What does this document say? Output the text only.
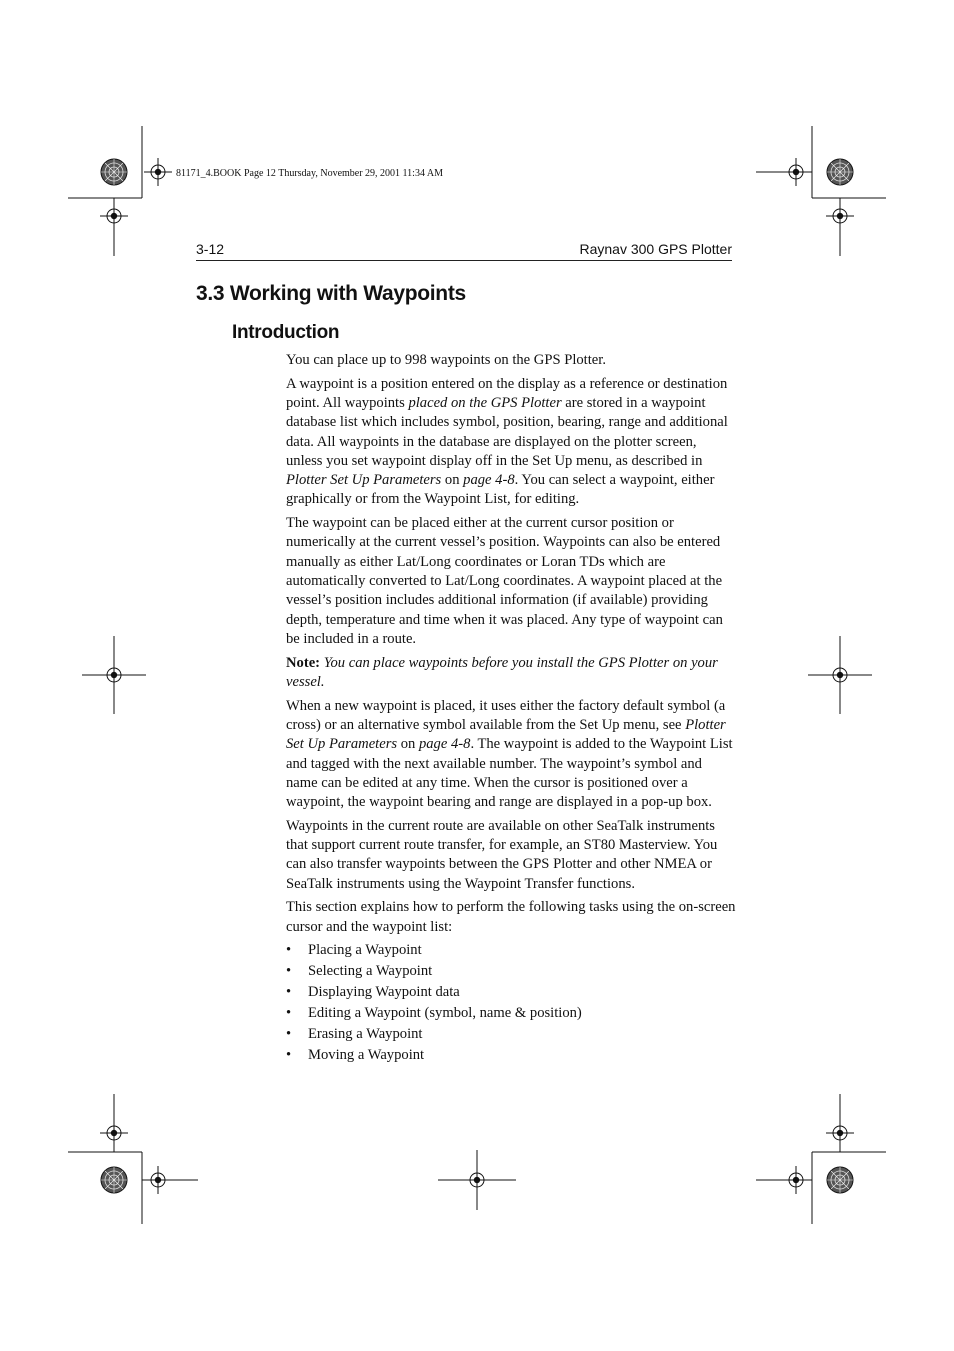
81171_4.BOOK Page 12 Thursday, November 29, 2001 11:34 AM
3-12	Raynav 300 GPS Plotter
3.3 Working with Waypoints
Introduction

You can place up to 998 waypoints on the GPS Plotter.

A waypoint is a position entered on the display as a reference or destination point. All waypoints placed on the GPS Plotter are stored in a waypoint database list which includes symbol, position, bearing, range and additional data. All waypoints in the database are displayed on the plotter screen, unless you set waypoint display off in the Set Up menu, as described in Plotter Set Up Parameters on page 4-8. You can select a waypoint, either graphically or from the Waypoint List, for editing.

The waypoint can be placed either at the current cursor position or numerically at the current vessel’s position. Waypoints can also be entered manually as either Lat/Long coordinates or Loran TDs which are automatically converted to Lat/Long coordinates. A waypoint placed at the vessel’s position includes additional information (if available) providing depth, temperature and time when it was placed. Any type of waypoint can be included in a route.

Note: You can place waypoints before you install the GPS Plotter on your vessel.

When a new waypoint is placed, it uses either the factory default symbol (a cross) or an alternative symbol available from the Set Up menu, see Plotter Set Up Parameters on page 4-8. The waypoint is added to the Waypoint List and tagged with the next available number. The waypoint’s symbol and name can be edited at any time. When the cursor is positioned over a waypoint, the waypoint bearing and range are displayed in a pop-up box.

Waypoints in the current route are available on other SeaTalk instruments that support current route transfer, for example, an ST80 Masterview. You can also transfer waypoints between the GPS Plotter and other NMEA or SeaTalk instruments using the Waypoint Transfer functions.

This section explains how to perform the following tasks using the on-screen cursor and the waypoint list:

• Placing a Waypoint
• Selecting a Waypoint
• Displaying Waypoint data
• Editing a Waypoint (symbol, name & position)
• Erasing a Waypoint
• Moving a Waypoint
